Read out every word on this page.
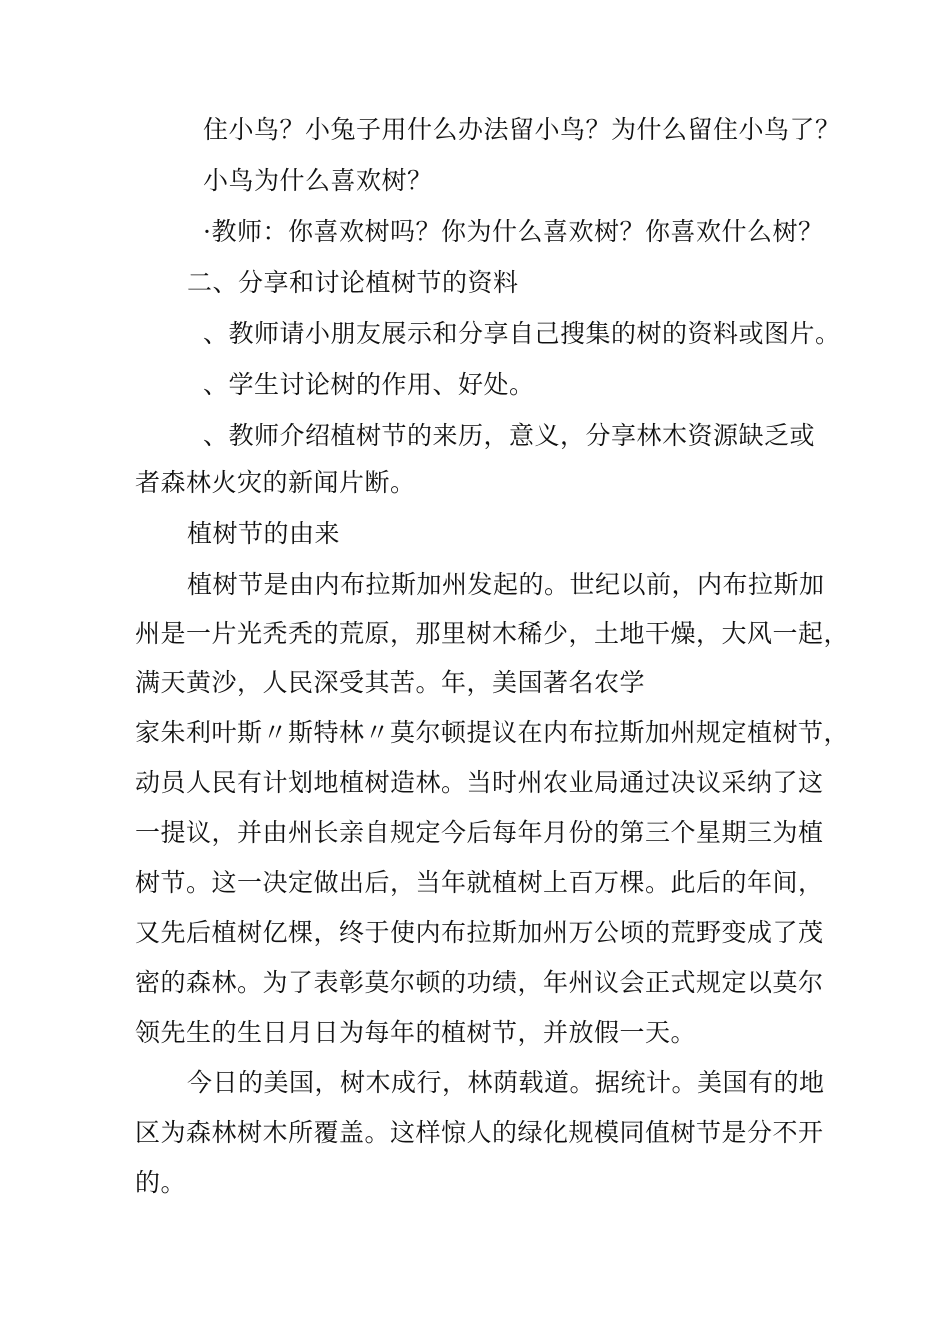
住小鸟？小兔子用什么办法留小鸟？为什么留住小鸟了？
小鸟为什么喜欢树？
·教师：你喜欢树吗？你为什么喜欢树？你喜欢什么树？
二、分享和讨论植树节的资料
、教师请小朋友展示和分享自己搜集的树的资料或图片。
、学生讨论树的作用、好处。
、教师介绍植树节的来历，意义，分享林木资源缺乏或
者森林火灾的新闻片断。
植树节的由来
植树节是由内布拉斯加州发起的。世纪以前，内布拉斯加
州是一片光秃秃的荒原，那里树木稀少，土地干燥，大风一起，
满天黄沙，人民深受其苦。年，美国著名农学
家朱利叶斯〃斯特林〃莫尔顿提议在内布拉斯加州规定植树节，
动员人民有计划地植树造林。当时州农业局通过决议采纳了这
一提议，并由州长亲自规定今后每年月份的第三个星期三为植
树节。这一决定做出后，当年就植树上百万棵。此后的年间，
又先后植树亿棵，终于使内布拉斯加州万公顷的荒野变成了茂
密的森林。为了表彰莫尔顿的功绩，年州议会正式规定以莫尔
领先生的生日月日为每年的植树节，并放假一天。
今日的美国，树木成行，林荫载道。据统计。美国有的地
区为森林树木所覆盖。这样惊人的绿化规模同值树节是分不开
的。
